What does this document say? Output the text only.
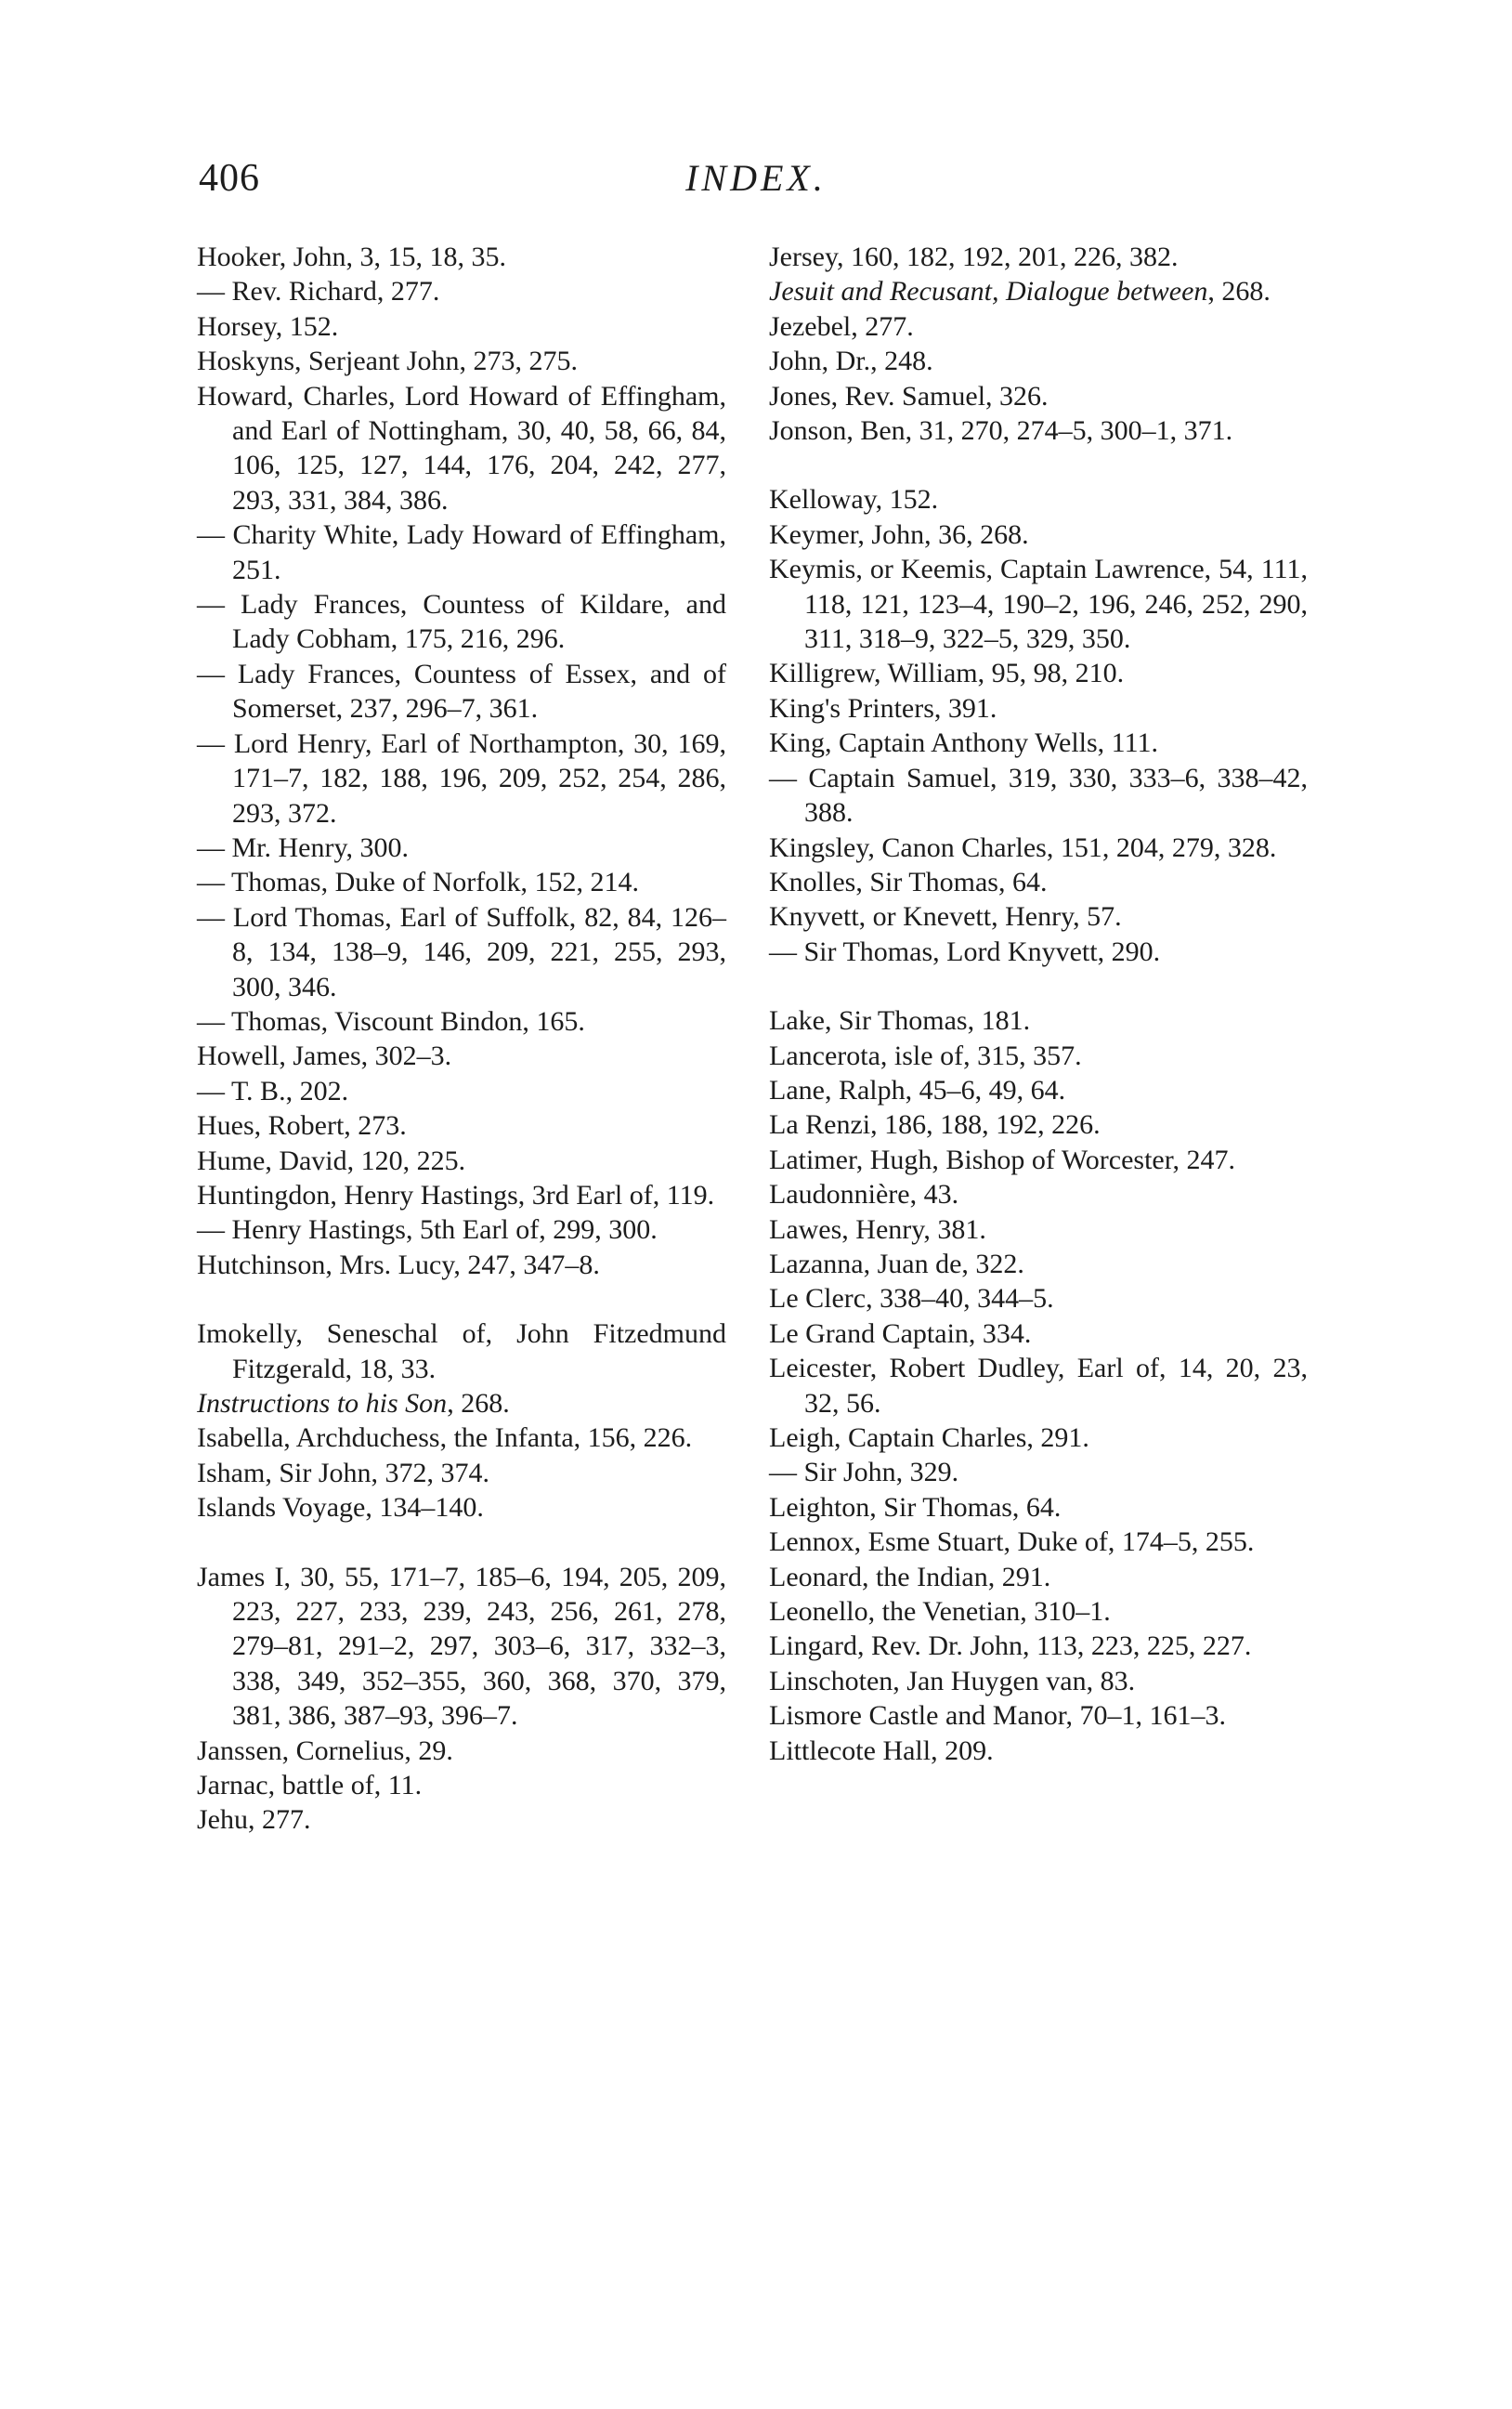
406	INDEX.
Hooker, John, 3, 15, 18, 35.
— Rev. Richard, 277.
Horsey, 152.
Hoskyns, Serjeant John, 273, 275.
Howard, Charles, Lord Howard of Effingham, and Earl of Nottingham, 30, 40, 58, 66, 84, 106, 125, 127, 144, 176, 204, 242, 277, 293, 331, 384, 386.
— Charity White, Lady Howard of Effingham, 251.
— Lady Frances, Countess of Kildare, and Lady Cobham, 175, 216, 296.
— Lady Frances, Countess of Essex, and of Somerset, 237, 296–7, 361.
— Lord Henry, Earl of Northampton, 30, 169, 171–7, 182, 188, 196, 209, 252, 254, 286, 293, 372.
— Mr. Henry, 300.
— Thomas, Duke of Norfolk, 152, 214.
— Lord Thomas, Earl of Suffolk, 82, 84, 126–8, 134, 138–9, 146, 209, 221, 255, 293, 300, 346.
— Thomas, Viscount Bindon, 165.
Howell, James, 302–3.
— T. B., 202.
Hues, Robert, 273.
Hume, David, 120, 225.
Huntingdon, Henry Hastings, 3rd Earl of, 119.
— Henry Hastings, 5th Earl of, 299, 300.
Hutchinson, Mrs. Lucy, 247, 347–8.
Imokelly, Seneschal of, John Fitzedmund Fitzgerald, 18, 33.
Instructions to his Son, 268.
Isabella, Archduchess, the Infanta, 156, 226.
Isham, Sir John, 372, 374.
Islands Voyage, 134–140.
James I, 30, 55, 171–7, 185–6, 194, 205, 209, 223, 227, 233, 239, 243, 256, 261, 278, 279–81, 291–2, 297, 303–6, 317, 332–3, 338, 349, 352–355, 360, 368, 370, 379, 381, 386, 387–93, 396–7.
Janssen, Cornelius, 29.
Jarnac, battle of, 11.
Jehu, 277.
Jersey, 160, 182, 192, 201, 226, 382.
Jesuit and Recusant, Dialogue between, 268.
Jezebel, 277.
John, Dr., 248.
Jones, Rev. Samuel, 326.
Jonson, Ben, 31, 270, 274–5, 300–1, 371.
Kelloway, 152.
Keymer, John, 36, 268.
Keymis, or Keemis, Captain Lawrence, 54, 111, 118, 121, 123–4, 190–2, 196, 246, 252, 290, 311, 318–9, 322–5, 329, 350.
Killigrew, William, 95, 98, 210.
King's Printers, 391.
King, Captain Anthony Wells, 111.
— Captain Samuel, 319, 330, 333–6, 338–42, 388.
Kingsley, Canon Charles, 151, 204, 279, 328.
Knolles, Sir Thomas, 64.
Knyvett, or Knevett, Henry, 57.
— Sir Thomas, Lord Knyvett, 290.
Lake, Sir Thomas, 181.
Lancerota, isle of, 315, 357.
Lane, Ralph, 45–6, 49, 64.
La Renzi, 186, 188, 192, 226.
Latimer, Hugh, Bishop of Worcester, 247.
Laudonnière, 43.
Lawes, Henry, 381.
Lazanna, Juan de, 322.
Le Clerc, 338–40, 344–5.
Le Grand Captain, 334.
Leicester, Robert Dudley, Earl of, 14, 20, 23, 32, 56.
Leigh, Captain Charles, 291.
— Sir John, 329.
Leighton, Sir Thomas, 64.
Lennox, Esme Stuart, Duke of, 174–5, 255.
Leonard, the Indian, 291.
Leonello, the Venetian, 310–1.
Lingard, Rev. Dr. John, 113, 223, 225, 227.
Linschoten, Jan Huygen van, 83.
Lismore Castle and Manor, 70–1, 161–3.
Littlecote Hall, 209.
